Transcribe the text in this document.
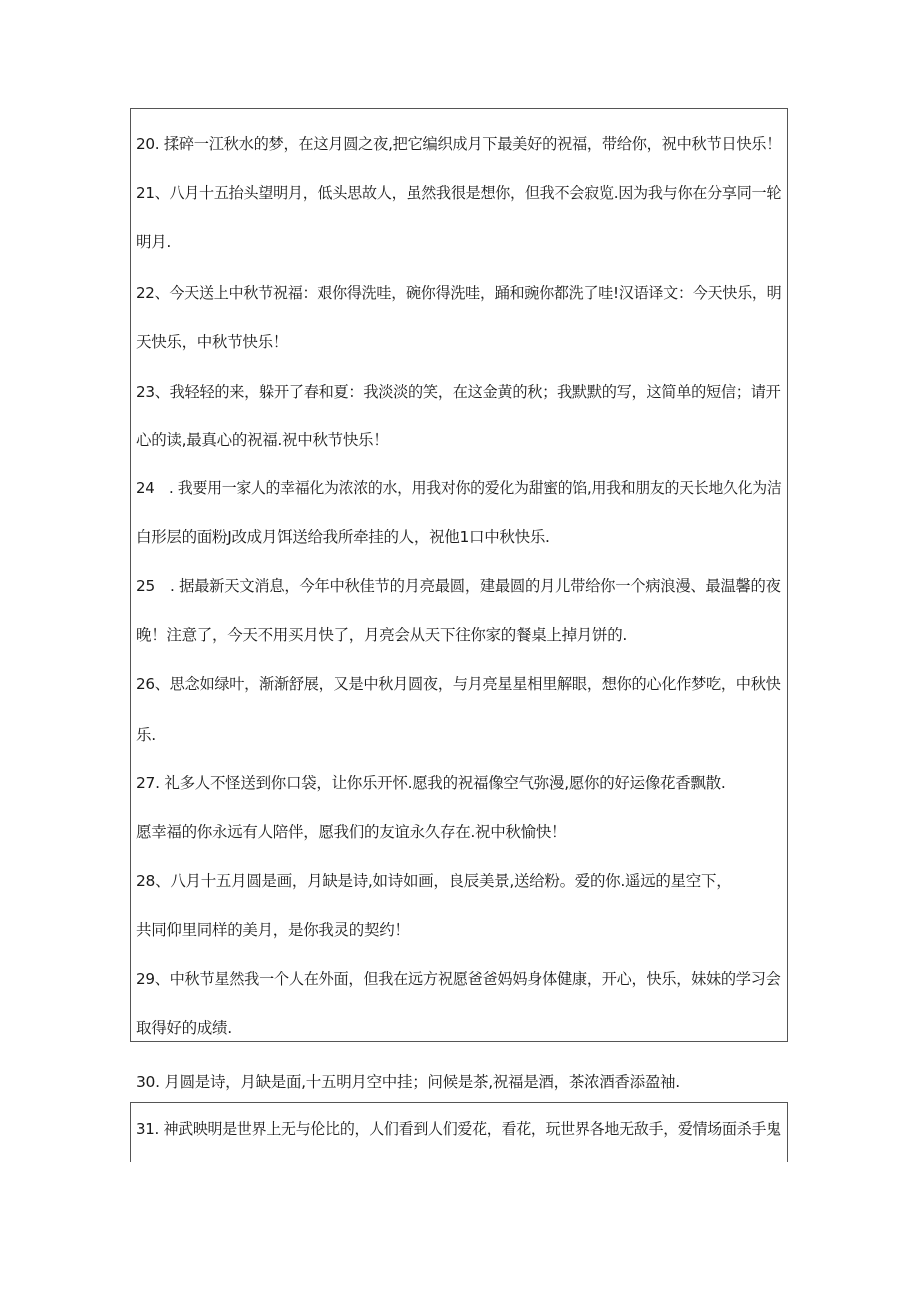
20. 揉碎一江秋水的梦，在这月圆之夜,把它编织成月下最美好的祝福，带给你，祝中秋节日快乐！
21、八月十五抬头望明月，低头思故人，虽然我很是想你，但我不会寂览.因为我与你在分享同一轮
明月.
22、今天送上中秋节祝福：艰你得洗哇，碗你得洗哇，踊和豌你都洗了哇!汉语译文：今天快乐，明
天快乐，中秋节快乐！
23、我轻轻的来，躲开了春和夏：我淡淡的笑，在这金黄的秋；我默默的写，这简单的短信；请开
心的读,最真心的祝福.祝中秋节快乐！
24　. 我要用一家人的幸福化为浓浓的水，用我对你的爱化为甜蜜的馅,用我和朋友的天长地久化为洁
白形层的面粉J改成月饵送给我所牵挂的人，祝他1口中秋快乐.
25　. 据最新天文消息，今年中秋佳节的月亮最圆，建最圆的月儿带给你一个病浪漫、最温馨的夜
晚！注意了，今天不用买月快了，月亮会从天下往你家的餐桌上掉月饼的.
26、思念如绿叶，渐渐舒展，又是中秋月圆夜，与月亮星星相里解眼，想你的心化作梦吃，中秋快
乐.
27. 礼多人不怪送到你口袋，让你乐开怀.愿我的祝福像空气弥漫,愿你的好运像花香飘散.
愿幸福的你永远有人陪伴，愿我们的友谊永久存在.祝中秋愉快！
28、八月十五月圆是画，月缺是诗,如诗如画，良辰美景,送给粉。爱的你.遥远的星空下，
共同仰里同样的美月，是你我灵的契约！
29、中秋节星然我一个人在外面，但我在远方祝愿爸爸妈妈身体健康，开心，快乐，妹妹的学习会
取得好的成绩.
30. 月圆是诗，月缺是面,十五明月空中挂；问候是茶,祝福是酒，茶浓酒香添盈袖.
31. 神武映明是世界上无与伦比的，人们看到人们爱花，看花，玩世界各地无敌手，爱情场面杀手鬼
